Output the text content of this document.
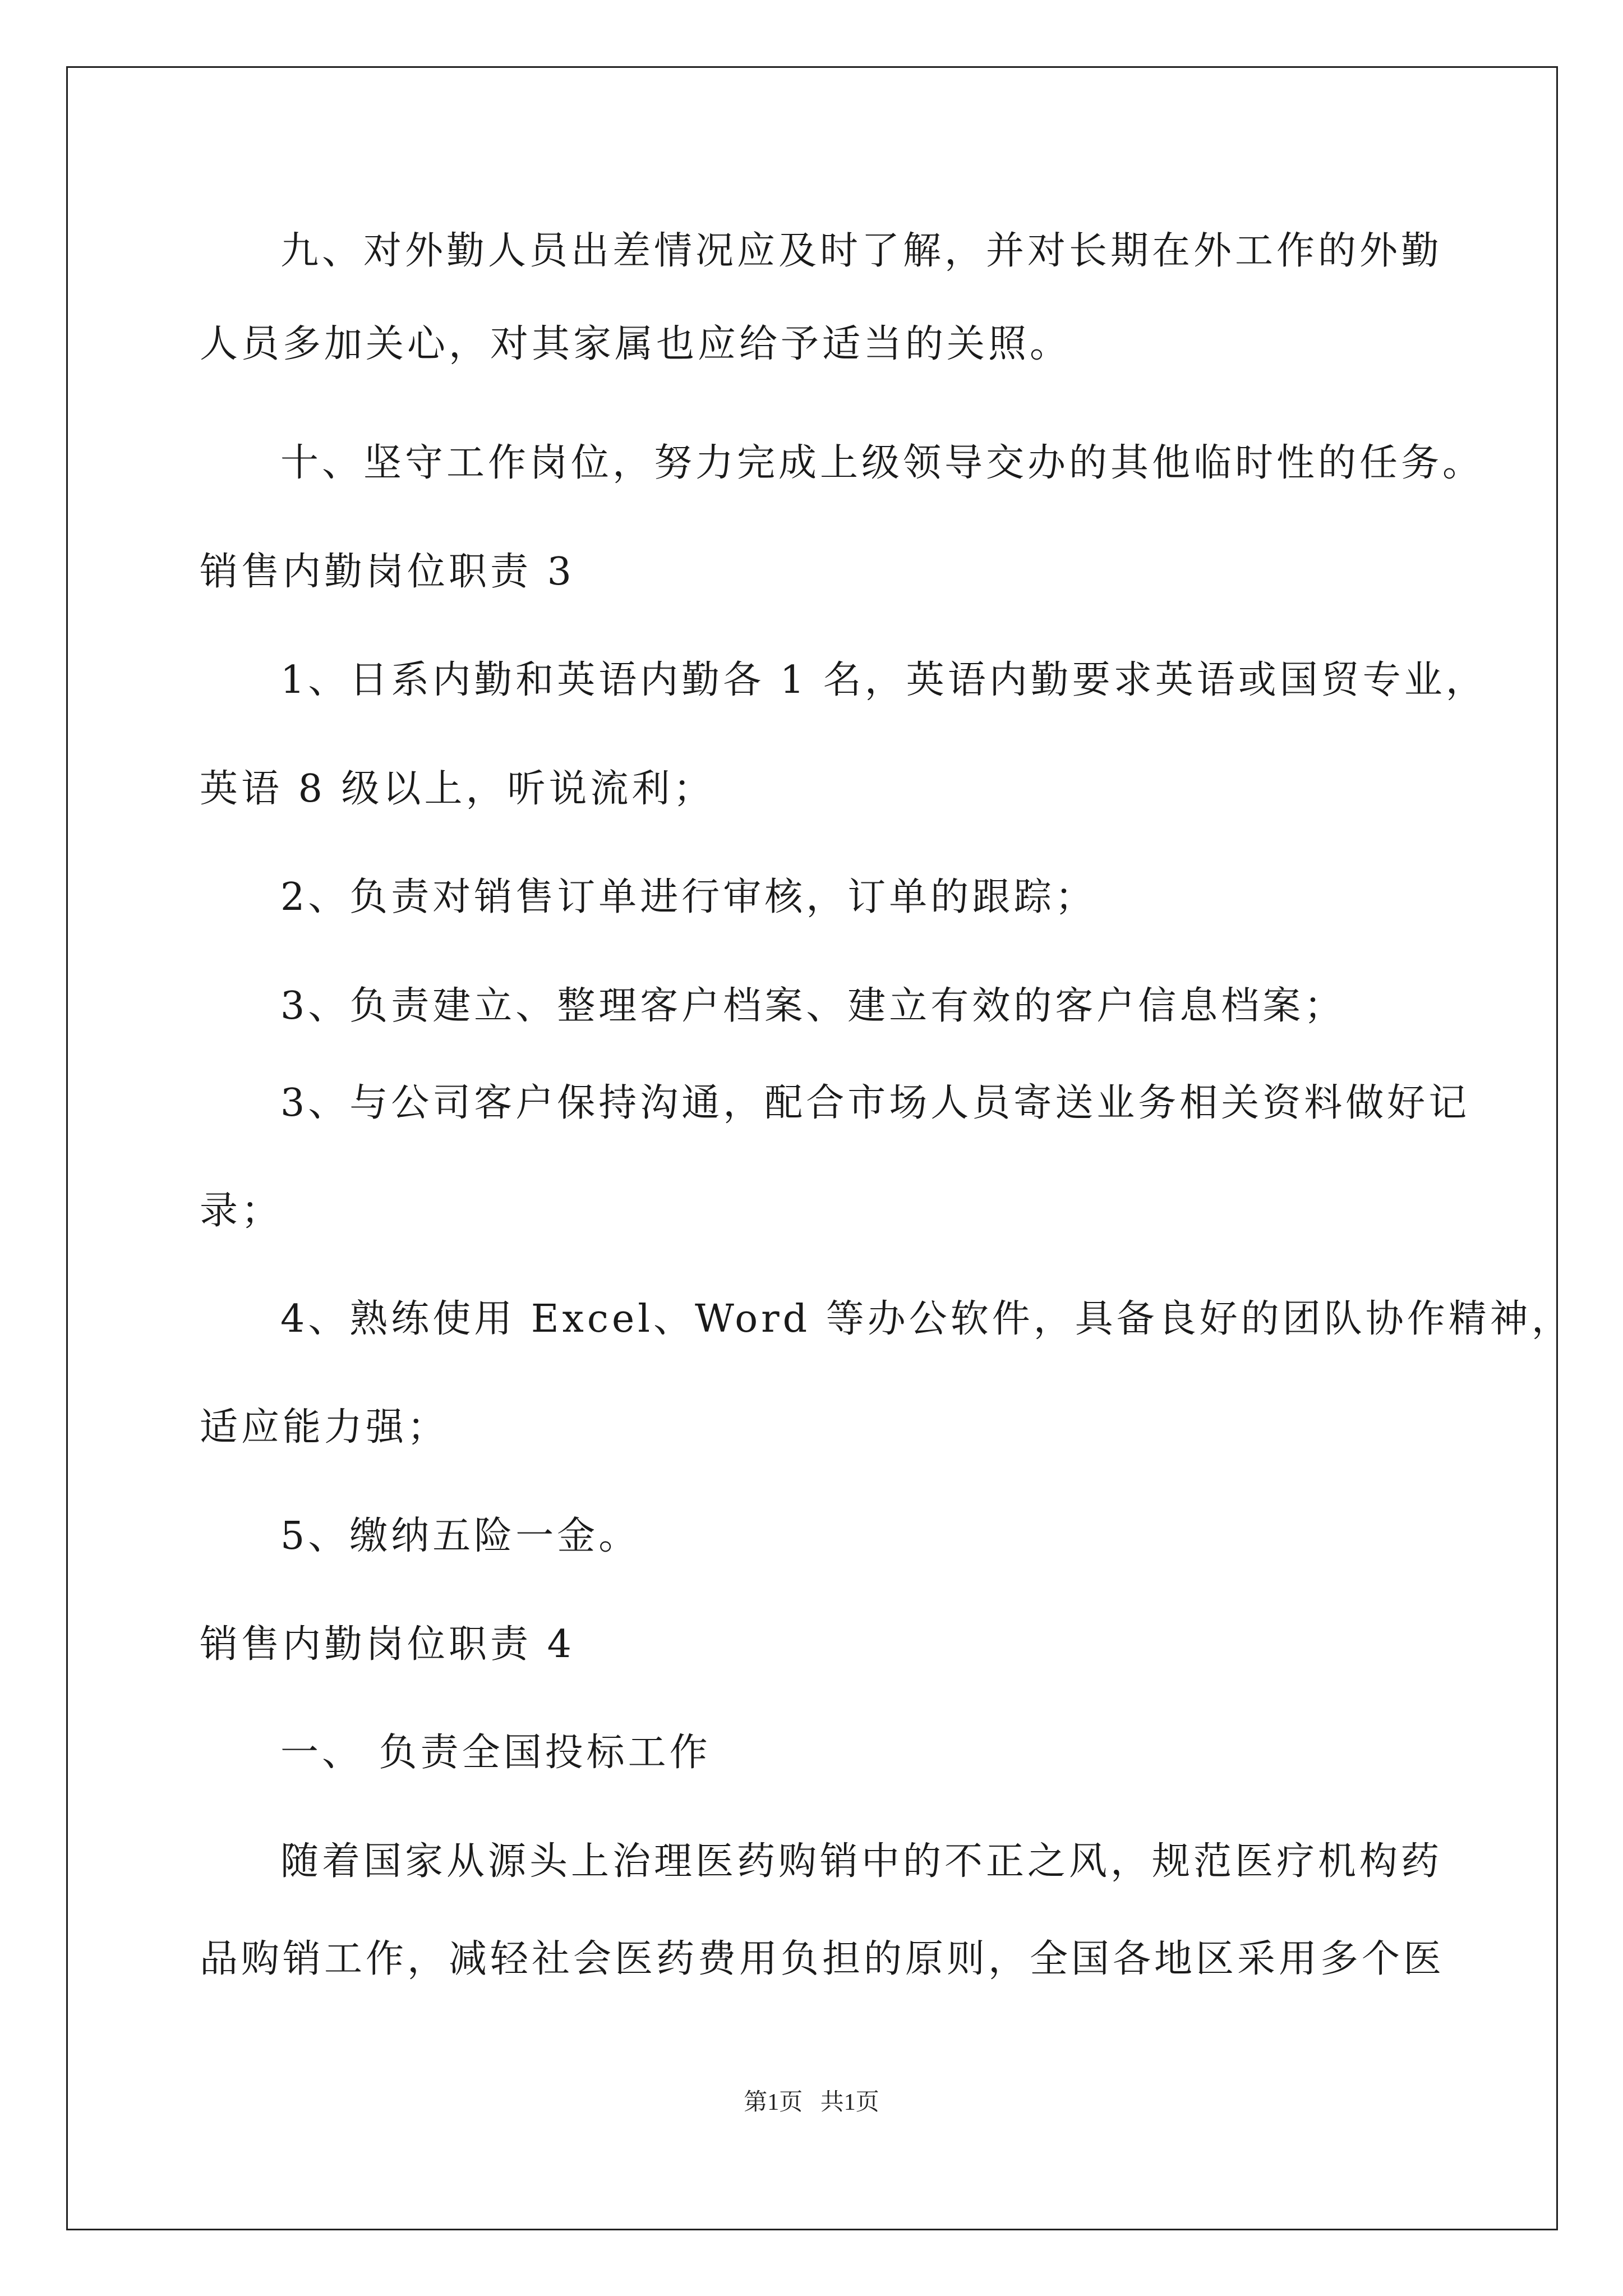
九、对外勤人员出差情况应及时了解，并对长期在外工作的外勤
人员多加关心，对其家属也应给予适当的关照。
十、坚守工作岗位，努力完成上级领导交办的其他临时性的任务。
销售内勤岗位职责 3
1、日系内勤和英语内勤各 1 名，英语内勤要求英语或国贸专业，
英语 8 级以上，听说流利；
2、负责对销售订单进行审核，订单的跟踪；
3、负责建立、整理客户档案、建立有效的客户信息档案；
3、与公司客户保持沟通，配合市场人员寄送业务相关资料做好记
录；
4、熟练使用 Excel、Word 等办公软件，具备良好的团队协作精神，
适应能力强；
5、缴纳五险一金。
销售内勤岗位职责 4
一、 负责全国投标工作
随着国家从源头上治理医药购销中的不正之风，规范医疗机构药
品购销工作，减轻社会医药费用负担的原则，全国各地区采用多个医
第1页   共1页
